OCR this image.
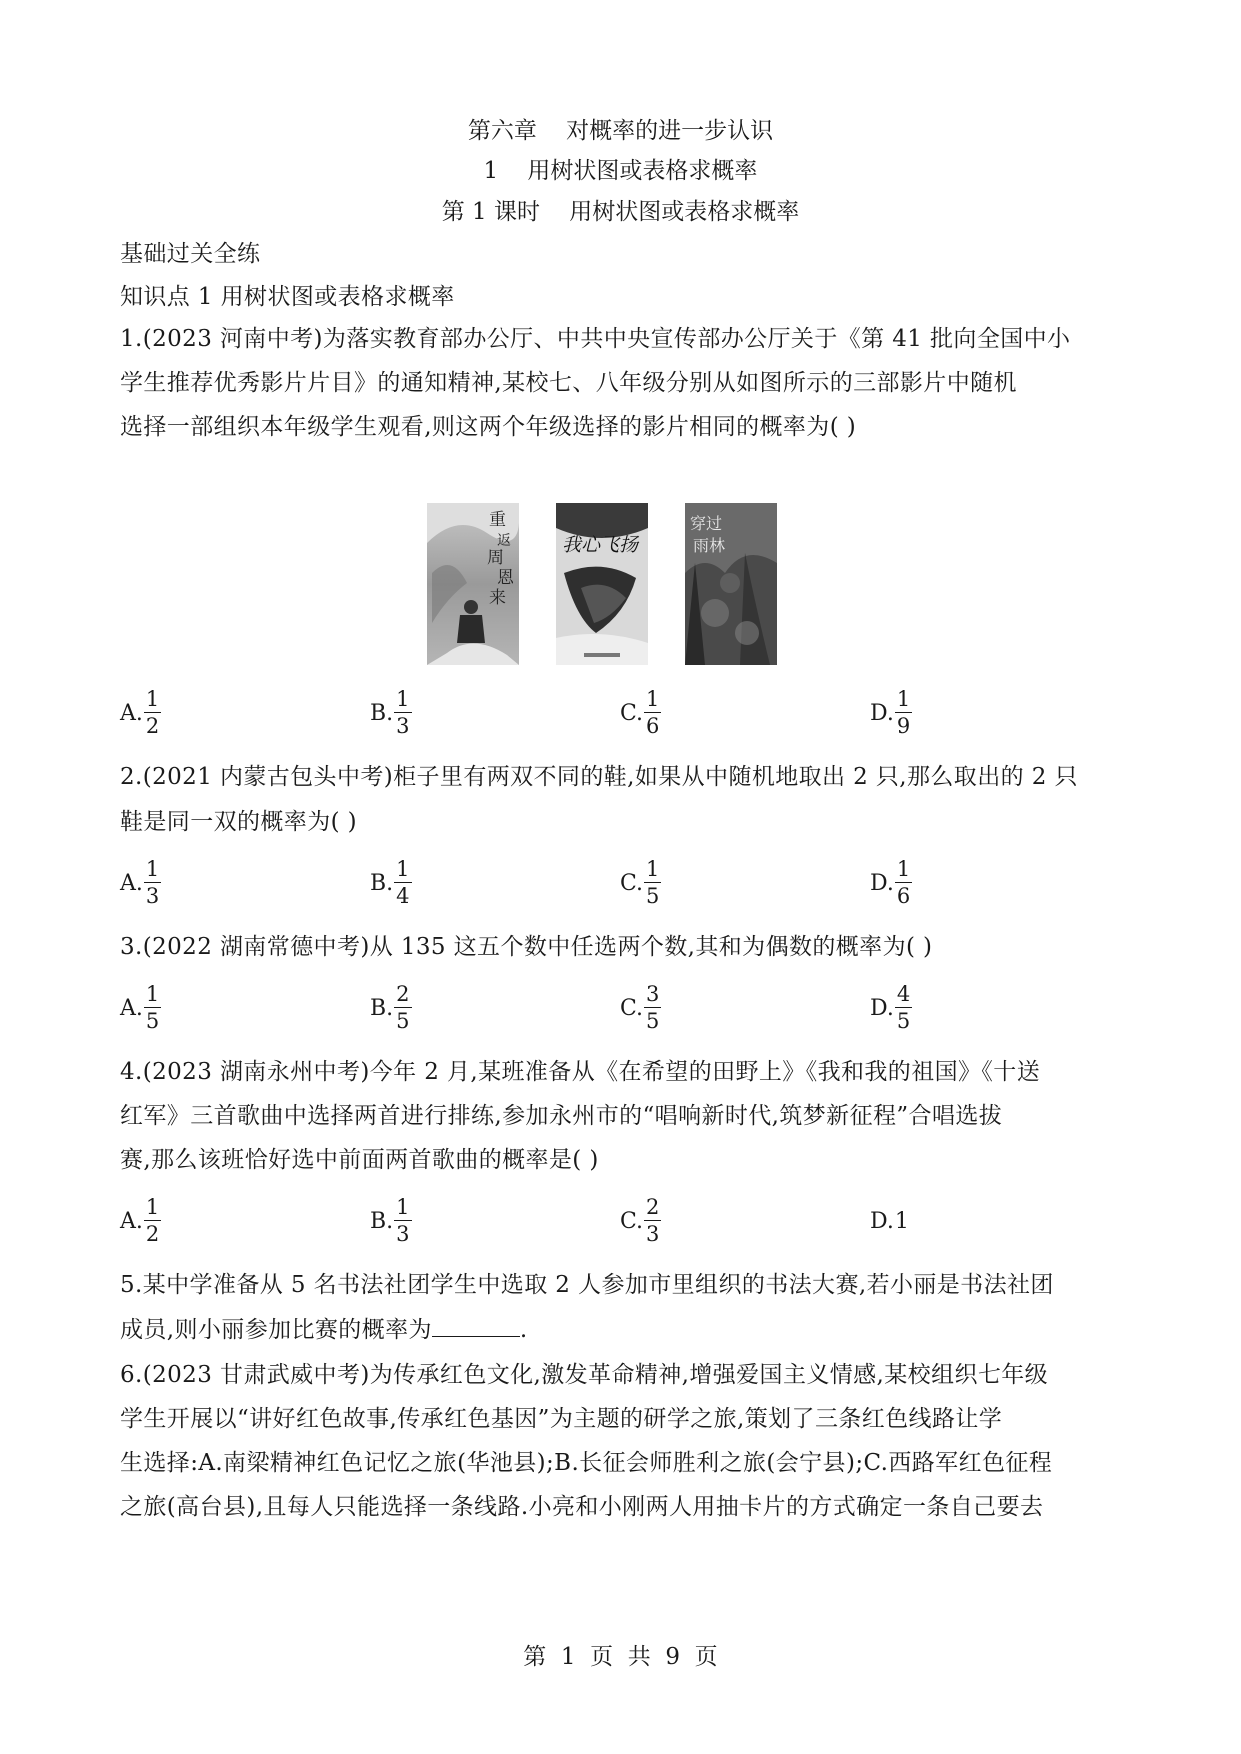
第六章    对概率的进一步认识
1    用树状图或表格求概率
第 1 课时    用树状图或表格求概率
基础过关全练
知识点 1 用树状图或表格求概率
1.(2023 河南中考)为落实教育部办公厅、中共中央宣传部办公厅关于《第 41 批向全国中小
学生推荐优秀影片片目》的通知精神,某校七、八年级分别从如图所示的三部影片中随机
选择一部组织本年级学生观看,则这两个年级选择的影片相同的概率为( )
重
返
周
恩
来
我心飞扬
穿过
雨林
A. $\frac{1}{2}$	B. $\frac{1}{3}$	C. $\frac{1}{6}$	D. $\frac{1}{9}$
2.(2021 内蒙古包头中考)柜子里有两双不同的鞋,如果从中随机地取出 2 只,那么取出的 2 只
鞋是同一双的概率为( )
A. $\frac{1}{3}$	B. $\frac{1}{4}$	C. $\frac{1}{5}$	D. $\frac{1}{6}$
3.(2022 湖南常德中考)从 135 这五个数中任选两个数,其和为偶数的概率为( )
A. $\frac{1}{5}$	B. $\frac{2}{5}$	C. $\frac{3}{5}$	D. $\frac{4}{5}$
4.(2023 湖南永州中考)今年 2 月,某班准备从《在希望的田野上》《我和我的祖国》《十送
红军》三首歌曲中选择两首进行排练,参加永州市的“唱响新时代,筑梦新征程”合唱选拔
赛,那么该班恰好选中前面两首歌曲的概率是( )
A. $\frac{1}{2}$	B. $\frac{1}{3}$	C. $\frac{2}{3}$	D. 1
5.某中学准备从 5 名书法社团学生中选取 2 人参加市里组织的书法大赛,若小丽是书法社团
成员,则小丽参加比赛的概率为	.
6.(2023 甘肃武威中考)为传承红色文化,激发革命精神,增强爱国主义情感,某校组织七年级
学生开展以“讲好红色故事,传承红色基因”为主题的研学之旅,策划了三条红色线路让学
生选择:A.南梁精神红色记忆之旅(华池县);B.长征会师胜利之旅(会宁县);C.西路军红色征程
之旅(高台县),且每人只能选择一条线路.小亮和小刚两人用抽卡片的方式确定一条自己要去
第  1  页  共  9  页
